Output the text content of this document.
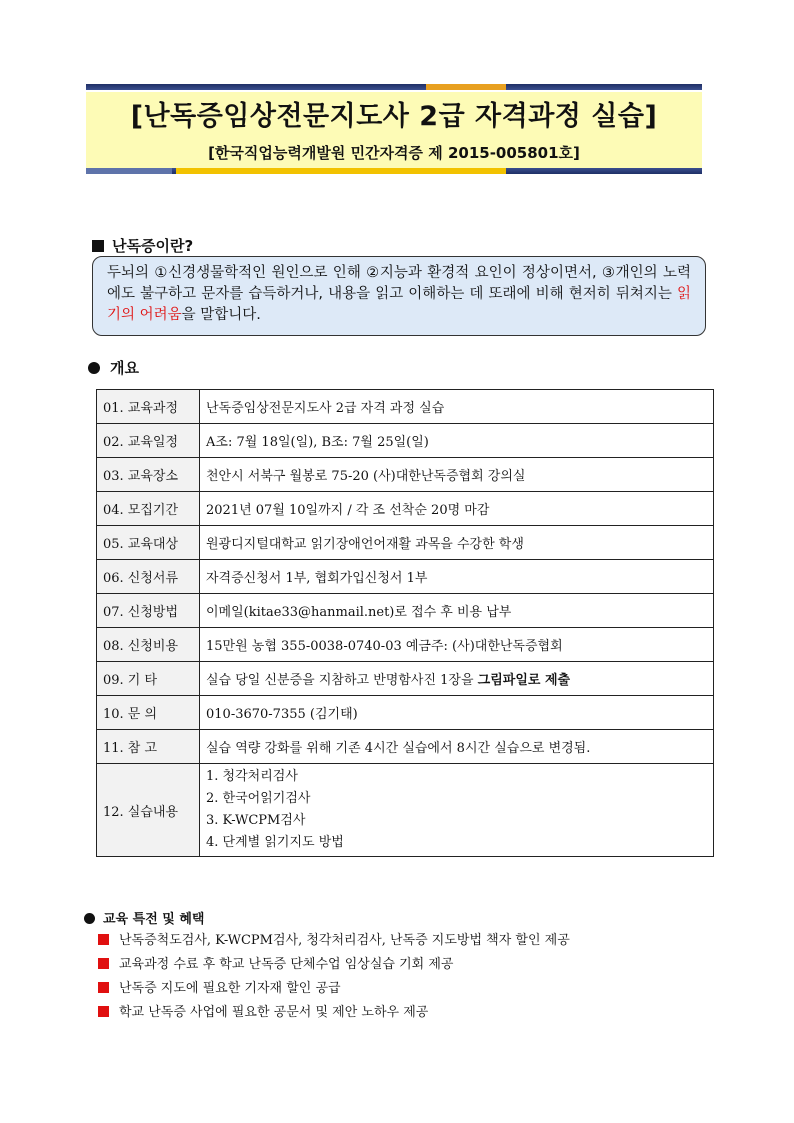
[난독증임상전문지도사 2급 자격과정 실습]
[한국직업능력개발원 민간자격증 제 2015-005801호]
난독증이란?
두뇌의 ①신경생물학적인 원인으로 인해 ②지능과 환경적 요인이 정상이면서, ③개인의 노력에도 불구하고 문자를 습득하거나, 내용을 읽고 이해하는 데 또래에 비해 현저히 뒤쳐지는 읽기의 어려움을 말합니다.
개요
01. 교육과정	난독증임상전문지도사 2급 자격 과정 실습
02. 교육일정	A조: 7월 18일(일), B조: 7월 25일(일)
03. 교육장소	천안시 서북구 월봉로 75-20 (사)대한난독증협회 강의실
04. 모집기간	2021년 07월 10일까지 / 각 조 선착순 20명 마감
05. 교육대상	원광디지털대학교 읽기장애언어재활 과목을 수강한 학생
06. 신청서류	자격증신청서 1부, 협회가입신청서 1부
07. 신청방법	이메일(kitae33@hanmail.net)로 접수 후 비용 납부
08. 신청비용	15만원 농협 355-0038-0740-03 예금주: (사)대한난독증협회
09. 기 타	실습 당일 신분증을 지참하고 반명함사진 1장을 그림파일로 제출
10. 문 의	010-3670-7355 (김기태)
11. 참 고	실습 역량 강화를 위해 기존 4시간 실습에서 8시간 실습으로 변경됨.
12. 실습내용	1. 청각처리검사
2. 한국어읽기검사
3. K-WCPM검사
4. 단계별 읽기지도 방법
교육 특전 및 혜택
난독증척도검사, K-WCPM검사, 청각처리검사, 난독증 지도방법 책자 할인 제공
교육과정 수료 후 학교 난독증 단체수업 임상실습 기회 제공
난독증 지도에 필요한 기자재 할인 공급
학교 난독증 사업에 필요한 공문서 및 제안 노하우 제공
